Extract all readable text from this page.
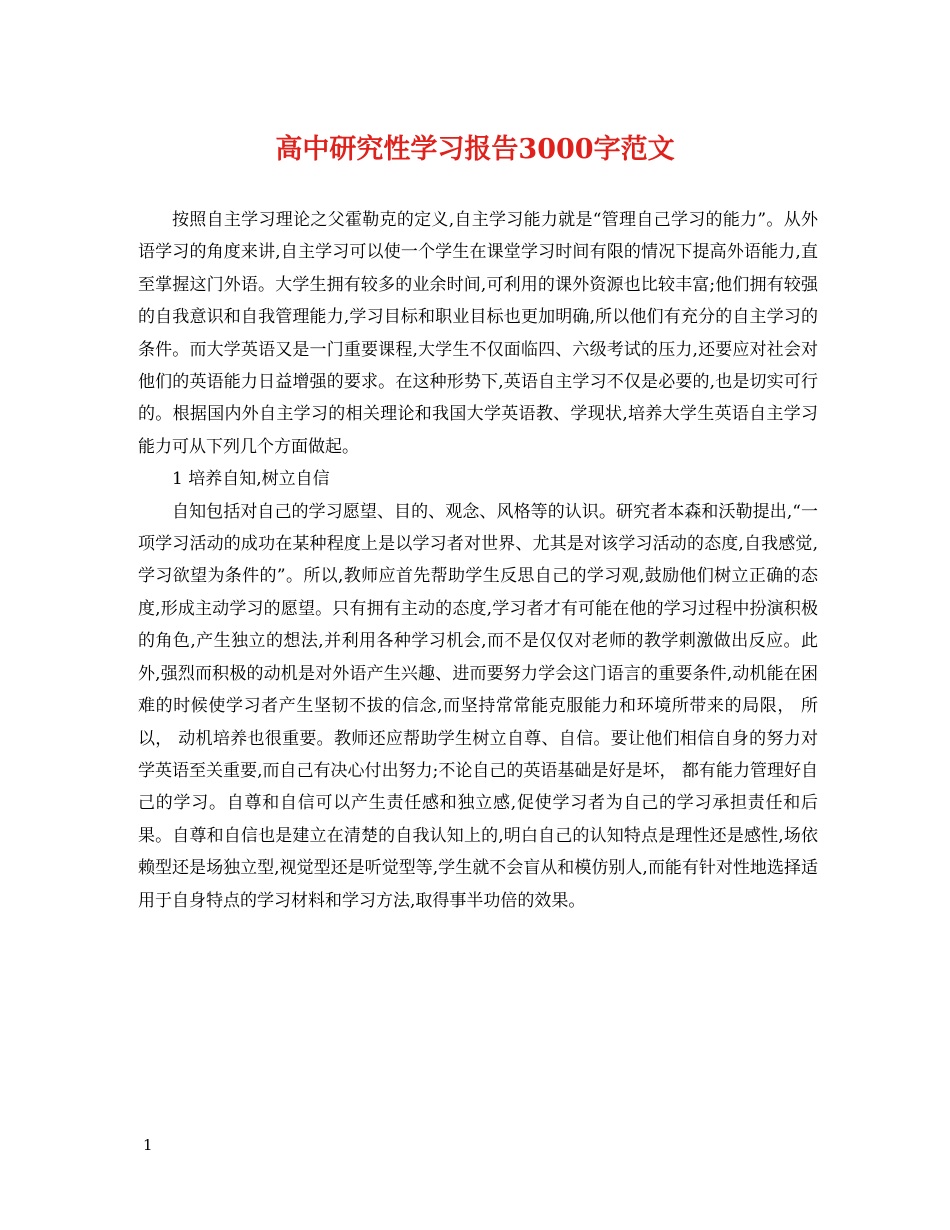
高中研究性学习报告3000字范文

按照自主学习理论之父霍勒克的定义,自主学习能力就是“管理自己学习的能力”。从外语学习的角度来讲,自主学习可以使一个学生在课堂学习时间有限的情况下提高外语能力,直至掌握这门外语。大学生拥有较多的业余时间,可利用的课外资源也比较丰富;他们拥有较强的自我意识和自我管理能力,学习目标和职业目标也更加明确,所以他们有充分的自主学习的条件。而大学英语又是一门重要课程,大学生不仅面临四、六级考试的压力,还要应对社会对他们的英语能力日益增强的要求。在这种形势下,英语自主学习不仅是必要的,也是切实可行的。根据国内外自主学习的相关理论和我国大学英语教、学现状,培养大学生英语自主学习能力可从下列几个方面做起。

1 培养自知,树立自信

自知包括对自己的学习愿望、目的、观念、风格等的认识。研究者本森和沃勒提出,“一项学习活动的成功在某种程度上是以学习者对世界、尤其是对该学习活动的态度,自我感觉,学习欲望为条件的”。所以,教师应首先帮助学生反思自己的学习观,鼓励他们树立正确的态度,形成主动学习的愿望。只有拥有主动的态度,学习者才有可能在他的学习过程中扮演积极的角色,产生独立的想法,并利用各种学习机会,而不是仅仅对老师的教学刺激做出反应。此外,强烈而积极的动机是对外语产生兴趣、进而要努力学会这门语言的重要条件,动机能在困难的时候使学习者产生坚韧不拔的信念,而坚持常常能克服能力和环境所带来的局限， 所以， 动机培养也很重要。教师还应帮助学生树立自尊、自信。要让他们相信自身的努力对学英语至关重要,而自己有决心付出努力;不论自己的英语基础是好是坏， 都有能力管理好自己的学习。自尊和自信可以产生责任感和独立感,促使学习者为自己的学习承担责任和后果。自尊和自信也是建立在清楚的自我认知上的,明白自己的认知特点是理性还是感性,场依赖型还是场独立型,视觉型还是听觉型等,学生就不会盲从和模仿别人,而能有针对性地选择适用于自身特点的学习材料和学习方法,取得事半功倍的效果。

1
